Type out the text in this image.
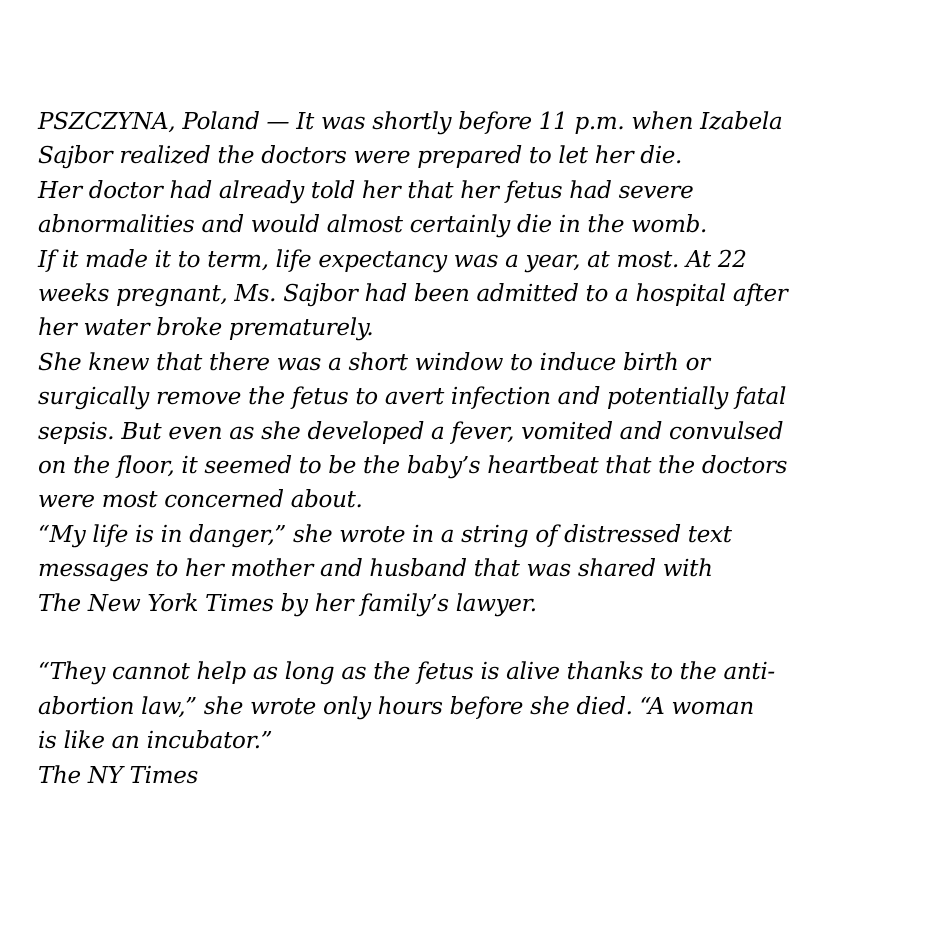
PSZCZYNA, Poland — It was shortly before 11 p.m. when Izabela
Sajbor realized the doctors were prepared to let her die.
Her doctor had already told her that her fetus had severe
abnormalities and would almost certainly die in the womb.
If it made it to term, life expectancy was a year, at most. At 22
weeks pregnant, Ms. Sajbor had been admitted to a hospital after
her water broke prematurely.
She knew that there was a short window to induce birth or
surgically remove the fetus to avert infection and potentially fatal
sepsis. But even as she developed a fever, vomited and convulsed
on the floor, it seemed to be the baby’s heartbeat that the doctors
were most concerned about.
“My life is in danger,” she wrote in a string of distressed text
messages to her mother and husband that was shared with
The New York Times by her family’s lawyer.
“They cannot help as long as the fetus is alive thanks to the anti-
abortion law,” she wrote only hours before she died. “A woman
is like an incubator.”
The NY Times
